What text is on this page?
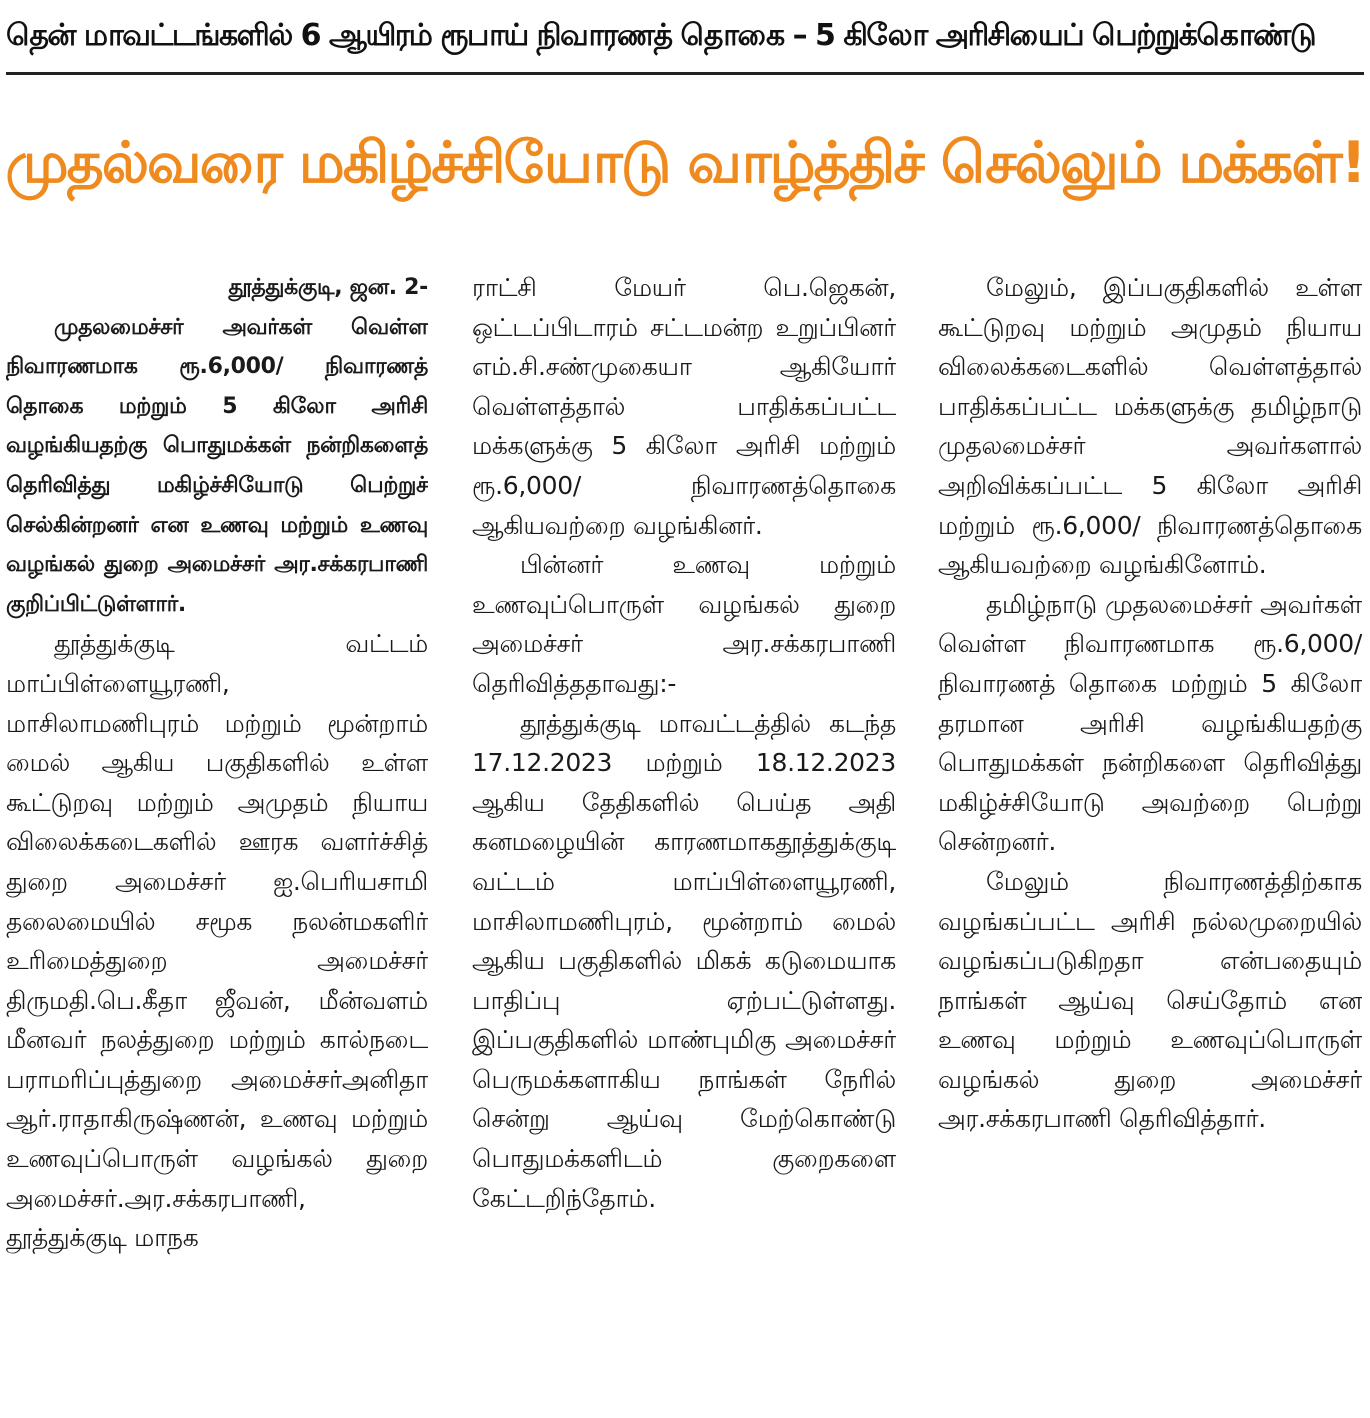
தென் மாவட்டங்களில் 6 ஆயிரம் ரூபாய் நிவாரணத் தொகை – 5 கிலோ அரிசியைப் பெற்றுக்கொண்டு
முதல்வரை மகிழ்ச்சியோடு வாழ்த்திச் செல்லும் மக்கள்!

தூத்துக்குடி, ஜன. 2-

முதலமைச்சர் அவர்கள் வெள்ள நிவாரணமாக ரூ.6,000/ நிவாரணத் தொகை மற்றும் 5 கிலோ அரிசி வழங்கியதற்கு பொதுமக்கள் நன்றிகளைத் தெரிவித்து மகிழ்ச்சியோடு பெற்றுச் செல்கின்றனர் என உணவு மற்றும் உணவு வழங்கல் துறை அமைச்சர் அர.சக்கரபாணி குறிப்பிட்டுள்ளார்.

தூத்துக்குடி வட்டம் மாப்பிள்ளையூரணி, மாசிலாமணிபுரம் மற்றும் மூன்றாம் மைல் ஆகிய பகுதிகளில் உள்ள கூட்டுறவு மற்றும் அமுதம் நியாய விலைக்கடைகளில் ஊரக வளர்ச்சித் துறை அமைச்சர் ஐ.பெரியசாமி தலைமையில் சமூக நலன்மகளிர் உரிமைத்துறை அமைச்சர் திருமதி.பெ.கீதா ஜீவன், மீன்வளம் மீனவர் நலத்துறை மற்றும் கால்நடை பராமரிப்புத்துறை அமைச்சர்அனிதா ஆர்.ராதாகிருஷ்ணன், உணவு மற்றும் உணவுப்பொருள் வழங்கல் துறை அமைச்சர்.அர.சக்கரபாணி, தூத்துக்குடி மாநக

ராட்சி மேயர் பெ.ஜெகன், ஒட்டப்பிடாரம் சட்டமன்ற உறுப்பினர் எம்.சி.சண்முகையா ஆகியோர் வெள்ளத்தால் பாதிக்கப்பட்ட மக்களுக்கு 5 கிலோ அரிசி மற்றும் ரூ.6,000/ நிவாரணத்தொகை ஆகியவற்றை வழங்கினர்.

பின்னர் உணவு மற்றும் உணவுப்பொருள் வழங்கல் துறை அமைச்சர் அர.சக்கரபாணி தெரிவித்ததாவது:-

தூத்துக்குடி மாவட்டத்தில் கடந்த 17.12.2023 மற்றும் 18.12.2023 ஆகிய தேதிகளில் பெய்த அதி கனமழையின் காரணமாகதூத்துக்குடி வட்டம் மாப்பிள்ளையூரணி, மாசிலாமணிபுரம், மூன்றாம் மைல் ஆகிய பகுதிகளில் மிகக் கடுமையாக பாதிப்பு ஏற்பட்டுள்ளது. இப்பகுதிகளில் மாண்புமிகு அமைச்சர் பெருமக்களாகிய நாங்கள் நேரில் சென்று ஆய்வு மேற்கொண்டு பொதுமக்களிடம் குறைகளை கேட்டறிந்தோம்.

மேலும், இப்பகுதிகளில் உள்ள கூட்டுறவு மற்றும் அமுதம் நியாய விலைக்கடைகளில் வெள்ளத்தால் பாதிக்கப்பட்ட மக்களுக்கு தமிழ்நாடு முதலமைச்சர் அவர்களால் அறிவிக்கப்பட்ட 5 கிலோ அரிசி மற்றும் ரூ.6,000/ நிவாரணத்தொகை ஆகியவற்றை வழங்கினோம்.

தமிழ்நாடு முதலமைச்சர் அவர்கள் வெள்ள நிவாரணமாக ரூ.6,000/ நிவாரணத் தொகை மற்றும் 5 கிலோ தரமான அரிசி வழங்கியதற்கு பொதுமக்கள் நன்றிகளை தெரிவித்து மகிழ்ச்சியோடு அவற்றை பெற்று சென்றனர்.

மேலும் நிவாரணத்திற்காக வழங்கப்பட்ட அரிசி நல்லமுறையில் வழங்கப்படுகிறதா என்பதையும் நாங்கள் ஆய்வு செய்தோம் என உணவு மற்றும் உணவுப்பொருள் வழங்கல் துறை அமைச்சர் அர.சக்கரபாணி தெரிவித்தார்.
